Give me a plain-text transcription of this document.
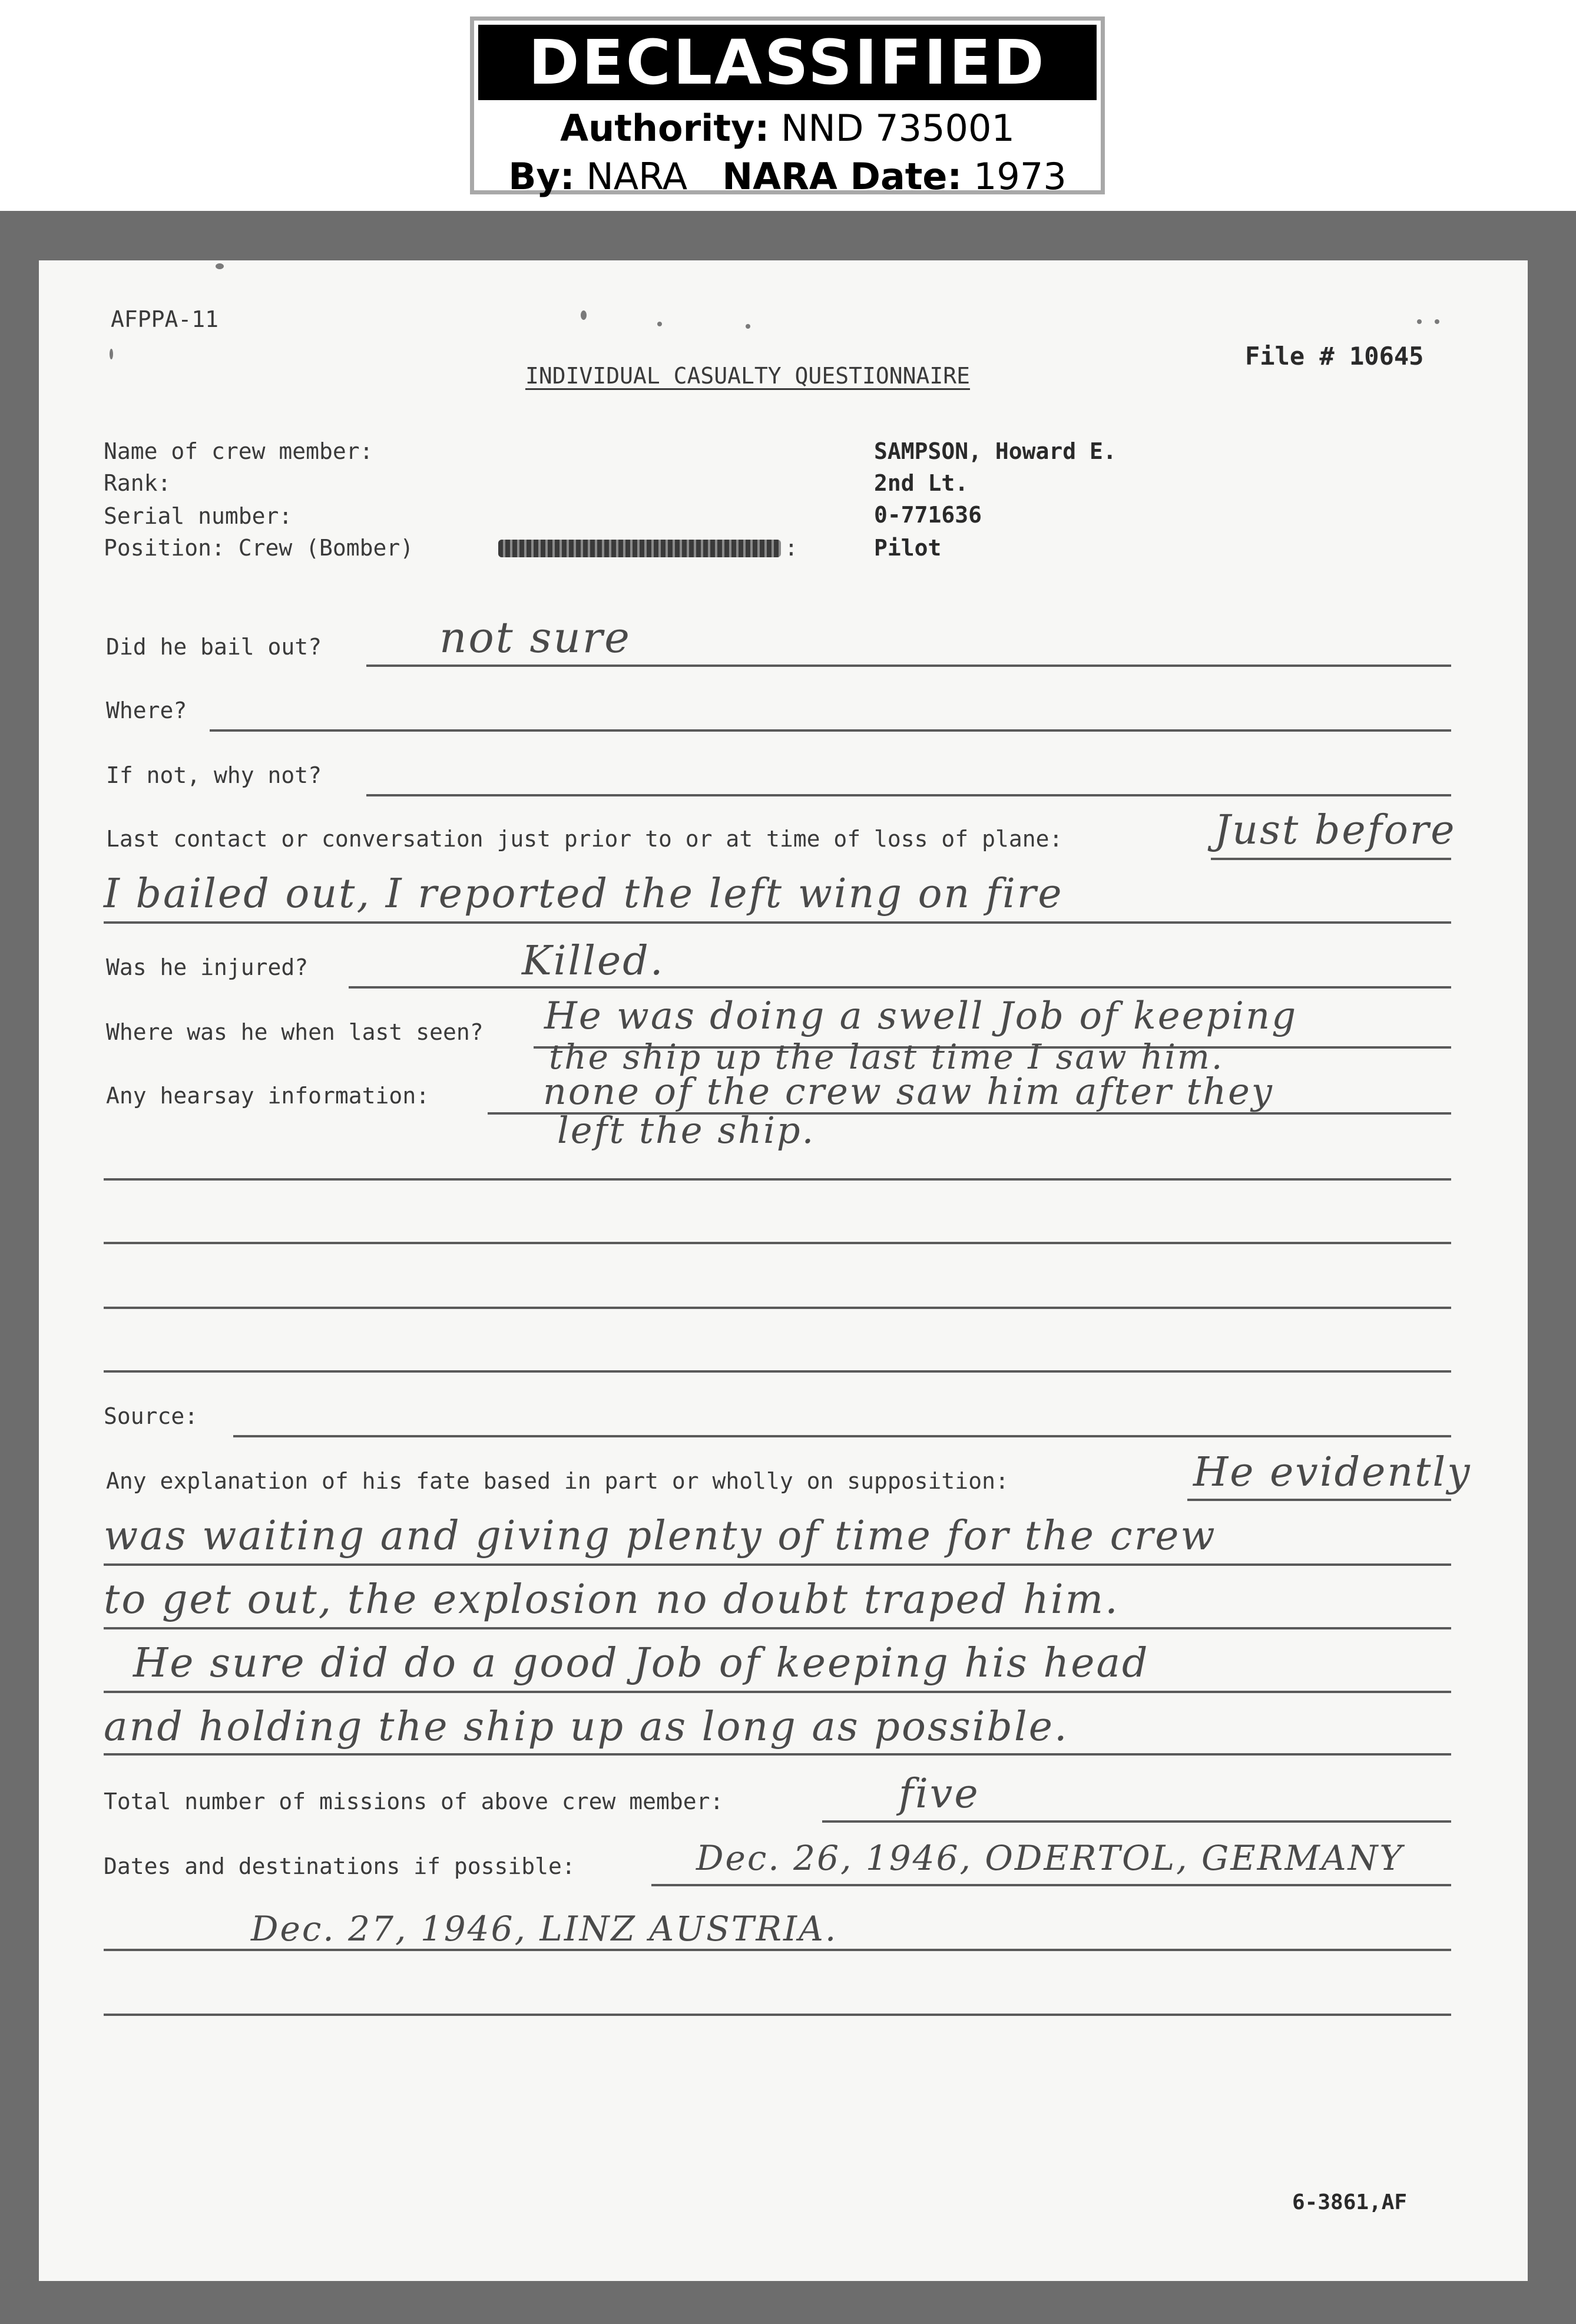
DECLASSIFIED
Authority: NND 735001
By: NARA NARA Date: 1973
AFPPA-11
INDIVIDUAL CASUALTY QUESTIONNAIRE
File # 10645
Name of crew member:	SAMPSON, Howard E.
Rank:	2nd Lt.
Serial number:	0-771636
Position: Crew (Bomber)	:	Pilot
Did he bail out?	not sure
Where?
If not, why not?
Last contact or conversation just prior to or at time of loss of plane:	Just before
I bailed out, I reported the left wing on fire
Was he injured?	Killed.
Where was he when last seen? He was doing a swell Job of keeping
the ship up the last time I saw him.
Any hearsay information:	none of the crew saw him after they
left the ship.
Source:
Any explanation of his fate based in part or wholly on supposition:	He evidently
was waiting and giving plenty of time for the crew
to get out, the explosion no doubt traped him.
He sure did do a good Job of keeping his head
and holding the ship up as long as possible.
Total number of missions of above crew member:	five
Dates and destinations if possible:	Dec. 26, 1946, ODERTOL, GERMANY
Dec. 27, 1946, LINZ AUSTRIA.
6-3861,AF
